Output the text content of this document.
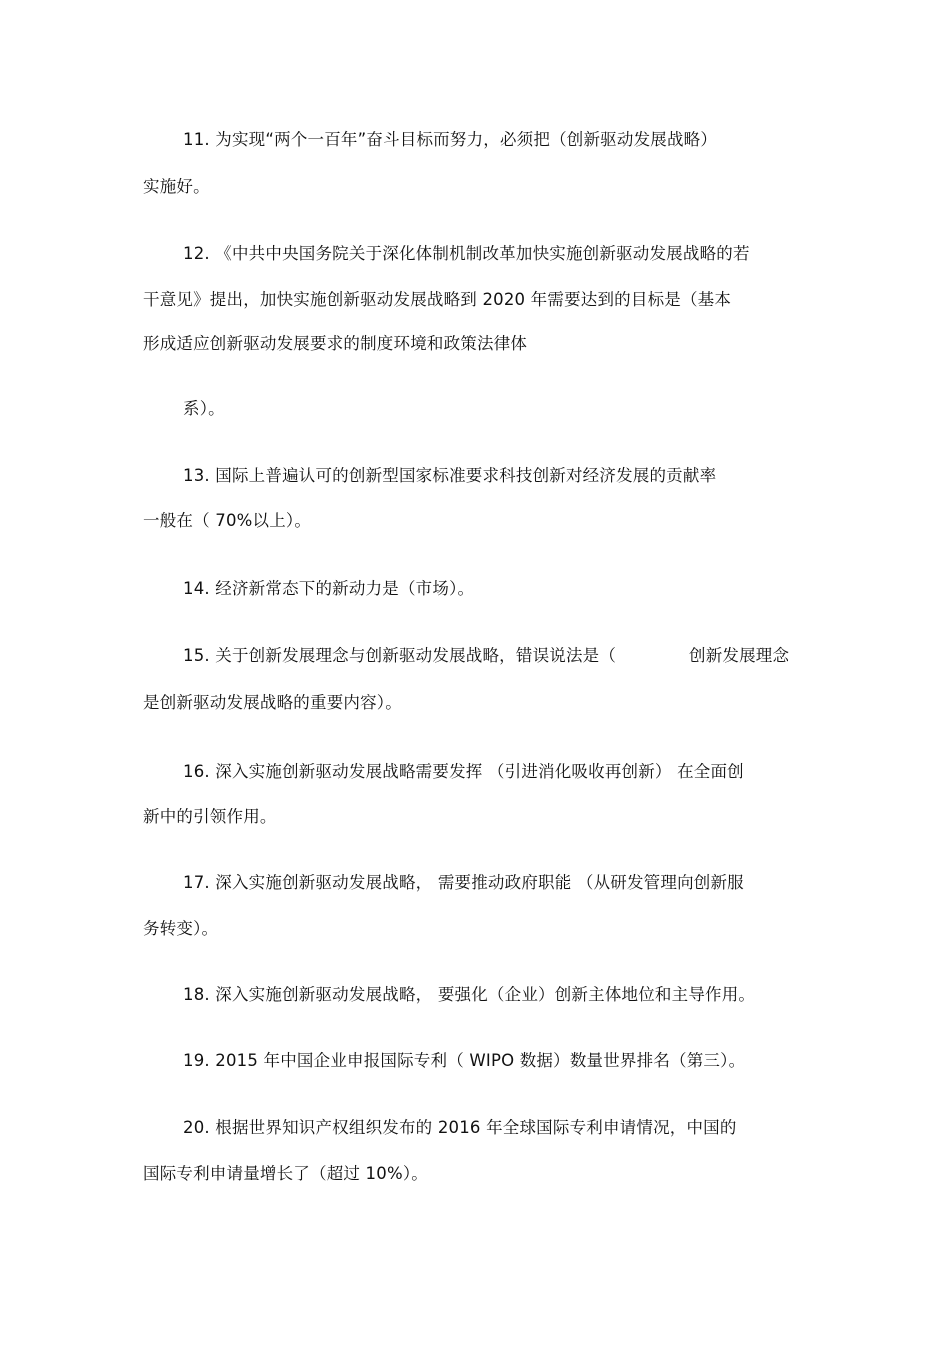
11. 为实现“两个一百年”奋斗目标而努力，必须把（创新驱动发展战略）
实施好。
12. 《中共中央国务院关于深化体制机制改革加快实施创新驱动发展战略的若
干意见》提出，加快实施创新驱动发展战略到 2020 年需要达到的目标是（基本
形成适应创新驱动发展要求的制度环境和政策法律体
系）。
13. 国际上普遍认可的创新型国家标准要求科技创新对经济发展的贡献率
一般在（ 70%以上）。
14. 经济新常态下的新动力是（市场）。
15. 关于创新发展理念与创新驱动发展战略，错误说法是（	创新发展理念
是创新驱动发展战略的重要内容）。
16. 深入实施创新驱动发展战略需要发挥 （引进消化吸收再创新） 在全面创
新中的引领作用。
17. 深入实施创新驱动发展战略， 需要推动政府职能 （从研发管理向创新服
务转变）。
18. 深入实施创新驱动发展战略， 要强化（企业）创新主体地位和主导作用。
19. 2015 年中国企业申报国际专利（ WIPO 数据）数量世界排名（第三）。
20. 根据世界知识产权组织发布的 2016 年全球国际专利申请情况，中国的
国际专利申请量增长了（超过 10%）。
